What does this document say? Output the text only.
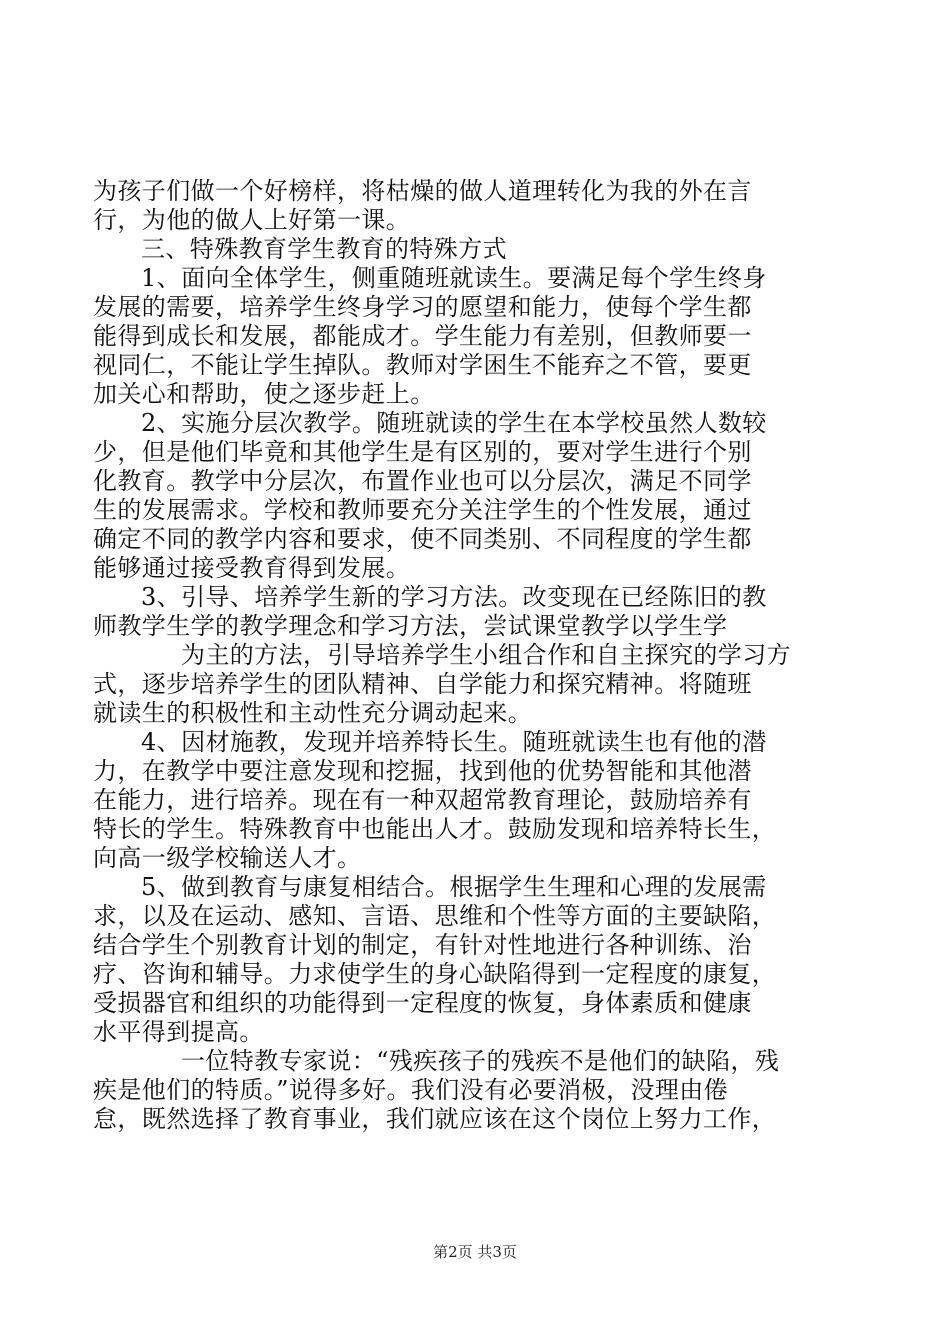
为孩子们做一个好榜样，将枯燥的做人道理转化为我的外在言
行，为他的做人上好第一课。
三、特殊教育学生教育的特殊方式
1、面向全体学生，侧重随班就读生。要满足每个学生终身
发展的需要，培养学生终身学习的愿望和能力，使每个学生都
能得到成长和发展，都能成才。学生能力有差别，但教师要一
视同仁，不能让学生掉队。教师对学困生不能弃之不管，要更
加关心和帮助，使之逐步赶上。
2、实施分层次教学。随班就读的学生在本学校虽然人数较
少，但是他们毕竟和其他学生是有区别的，要对学生进行个别
化教育。教学中分层次，布置作业也可以分层次，满足不同学
生的发展需求。学校和教师要充分关注学生的个性发展，通过
确定不同的教学内容和要求，使不同类别、不同程度的学生都
能够通过接受教育得到发展。
3、引导、培养学生新的学习方法。改变现在已经陈旧的教
师教学生学的教学理念和学习方法，尝试课堂教学以学生学
为主的方法，引导培养学生小组合作和自主探究的学习方
式，逐步培养学生的团队精神、自学能力和探究精神。将随班
就读生的积极性和主动性充分调动起来。
4、因材施教，发现并培养特长生。随班就读生也有他的潜
力，在教学中要注意发现和挖掘，找到他的优势智能和其他潜
在能力，进行培养。现在有一种双超常教育理论，鼓励培养有
特长的学生。特殊教育中也能出人才。鼓励发现和培养特长生，
向高一级学校输送人才。
5、做到教育与康复相结合。根据学生生理和心理的发展需
求，以及在运动、感知、言语、思维和个性等方面的主要缺陷，
结合学生个别教育计划的制定，有针对性地进行各种训练、治
疗、咨询和辅导。力求使学生的身心缺陷得到一定程度的康复，
受损器官和组织的功能得到一定程度的恢复，身体素质和健康
水平得到提高。
一位特教专家说：“残疾孩子的残疾不是他们的缺陷，残
疾是他们的特质。”说得多好。我们没有必要消极，没理由倦
怠，既然选择了教育事业，我们就应该在这个岗位上努力工作，
第2页 共3页
